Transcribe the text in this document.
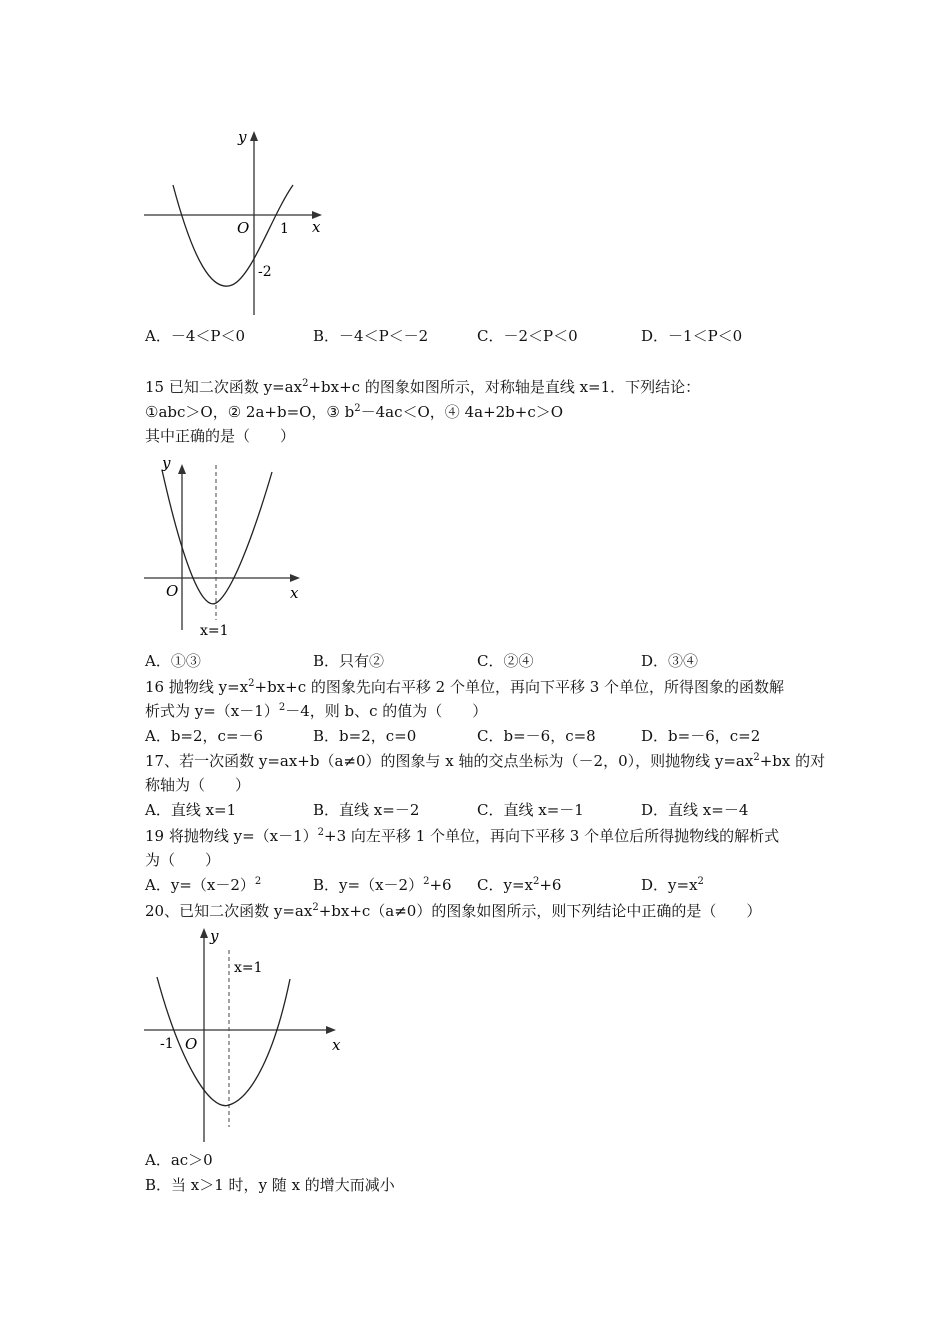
y
x
O 1
-2
A．－4＜P＜0	B．－4＜P＜－2	C．－2＜P＜0	D．－1＜P＜0
15 已知二次函数 $y=ax^2+bx+c$ 的图象如图所示，对称轴是直线 x=1．下列结论：
①abc＞O，② 2a+b=O，③ $b^2-4ac<O$，④ 4a+2b+c＞O
其中正确的是（　　）
y
x
O
x=1
A．①③	B．只有②	C．②④	D．③④
16 抛物线 $y=x^2+bx+c$ 的图象先向右平移 2 个单位，再向下平移 3 个单位，所得图象的函数解
析式为 $y=(x-1)^2-4$，则 b、c 的值为（　　）
A．b=2，c=－6	B．b=2，c=0	C．b=－6，c=8	D．b=－6，c=2
17、若一次函数 y=ax+b（a≠0）的图象与 x 轴的交点坐标为（－2，0），则抛物线 $y=ax^2+bx$ 的对
称轴为（　　）
A．直线 x=1	B．直线 x=－2	C．直线 x=－1	D．直线 x=－4
19 将抛物线 $y=(x-1)^2+3$ 向左平移 1 个单位，再向下平移 3 个单位后所得抛物线的解析式
为（　　）
A．$y=(x-2)^2$	B．$y=(x-2)^2+6$ C．$y=x^2+6$	D．$y=x^2$
20、已知二次函数 $y=ax^2+bx+c(a\ne 0)$的图象如图所示，则下列结论中正确的是（　　）
y
x
O
-1
x=1
A．ac＞0
B．当 x＞1 时，y 随 x 的增大而减小
